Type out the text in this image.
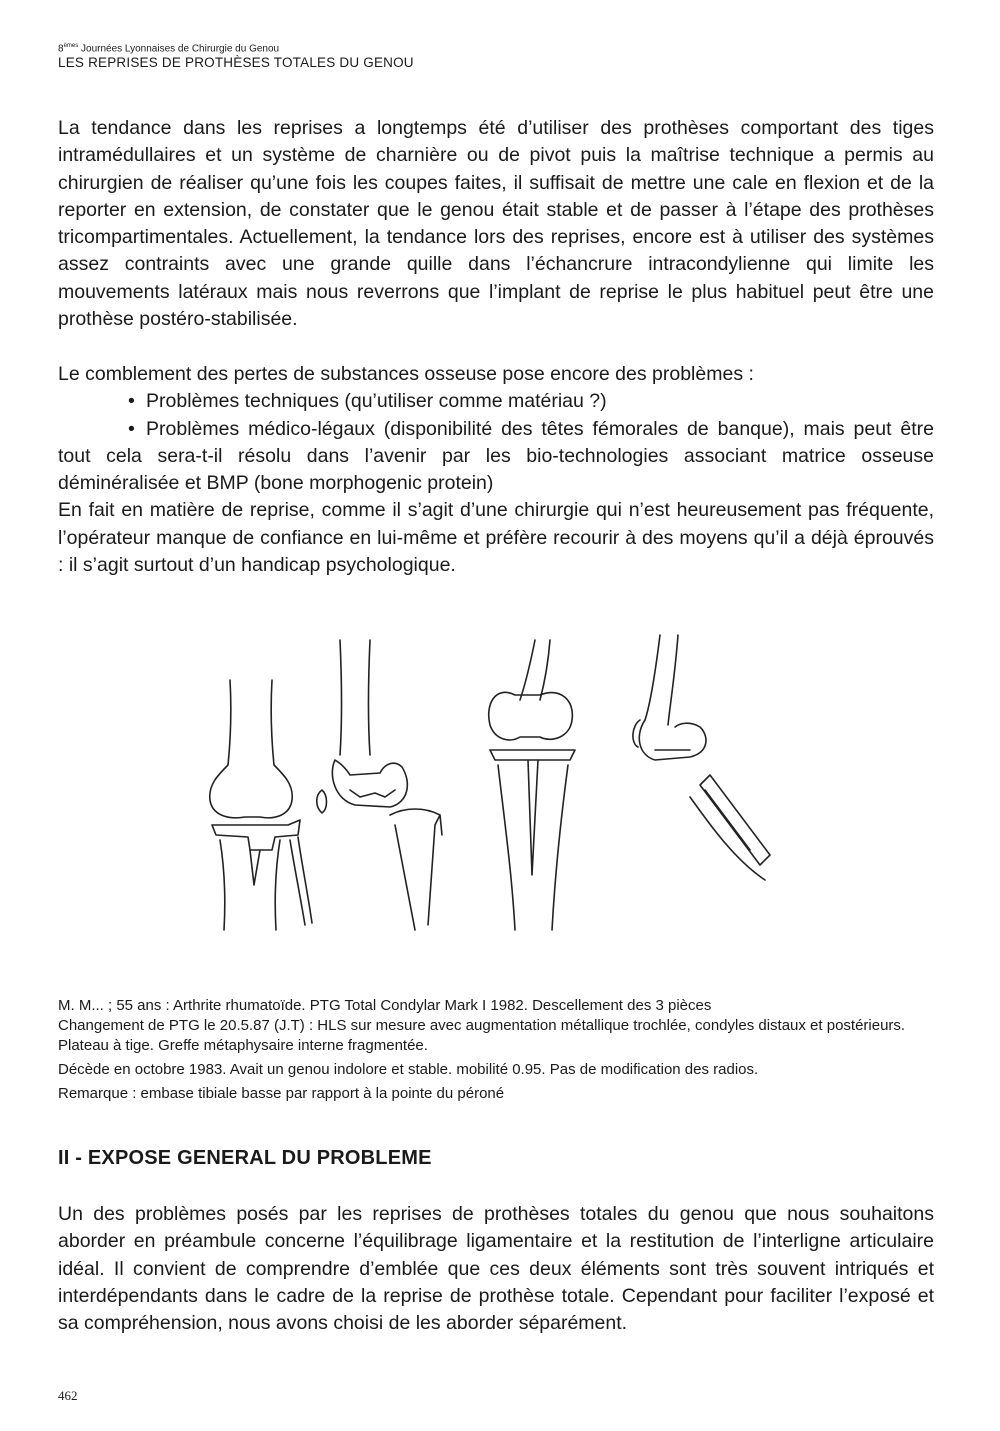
8èmes Journées Lyonnaises de Chirurgie du Genou
LES REPRISES DE PROTHÈSES TOTALES DU GENOU
La tendance dans les reprises a longtemps été d’utiliser des prothèses comportant des tiges intramédullaires et un système de charnière ou de pivot puis la maîtrise technique a permis au chirurgien de réaliser qu’une fois les coupes faites, il suffisait de mettre une cale en flexion et de la reporter en extension, de constater que le genou était stable et de passer à l’étape des prothèses tricompartimentales. Actuellement, la tendance lors des reprises, encore est à utiliser des systèmes assez contraints avec une grande quille dans l’échancrure intracondylienne qui limite les mouvements latéraux mais nous reverrons que l’implant de reprise le plus habituel peut être une prothèse postéro-stabilisée.

Le comblement des pertes de substances osseuse pose encore des problèmes :

• Problèmes techniques (qu’utiliser comme matériau ?)

• Problèmes médico-légaux (disponibilité des têtes fémorales de banque), mais peut être tout cela sera-t-il résolu dans l’avenir par les bio-technologies associant matrice osseuse déminéralisée et BMP (bone morphogenic protein)

En fait en matière de reprise, comme il s’agit d’une chirurgie qui n’est heureusement pas fréquente, l’opérateur manque de confiance en lui-même et préfère recourir à des moyens qu’il a déjà éprouvés : il s’agit surtout d’un handicap psychologique.

M. M... ; 55 ans : Arthrite rhumatoïde. PTG Total Condylar Mark I 1982. Descellement des 3 pièces

Changement de PTG le 20.5.87 (J.T) : HLS sur mesure avec augmentation métallique trochlée, condyles distaux et postérieurs. Plateau à tige. Greffe métaphysaire interne fragmentée.

Décède en octobre 1983. Avait un genou indolore et stable. mobilité 0.95. Pas de modification des radios.

Remarque : embase tibiale basse par rapport à la pointe du péroné

II - EXPOSE GENERAL DU PROBLEME
Un des problèmes posés par les reprises de prothèses totales du genou que nous souhaitons aborder en préambule concerne l’équilibrage ligamentaire et la restitution de l’interligne articulaire idéal. Il convient de comprendre d’emblée que ces deux éléments sont très souvent intriqués et interdépendants dans le cadre de la reprise de prothèse totale. Cependant pour faciliter l’exposé et sa compréhension, nous avons choisi de les aborder séparément.
462
